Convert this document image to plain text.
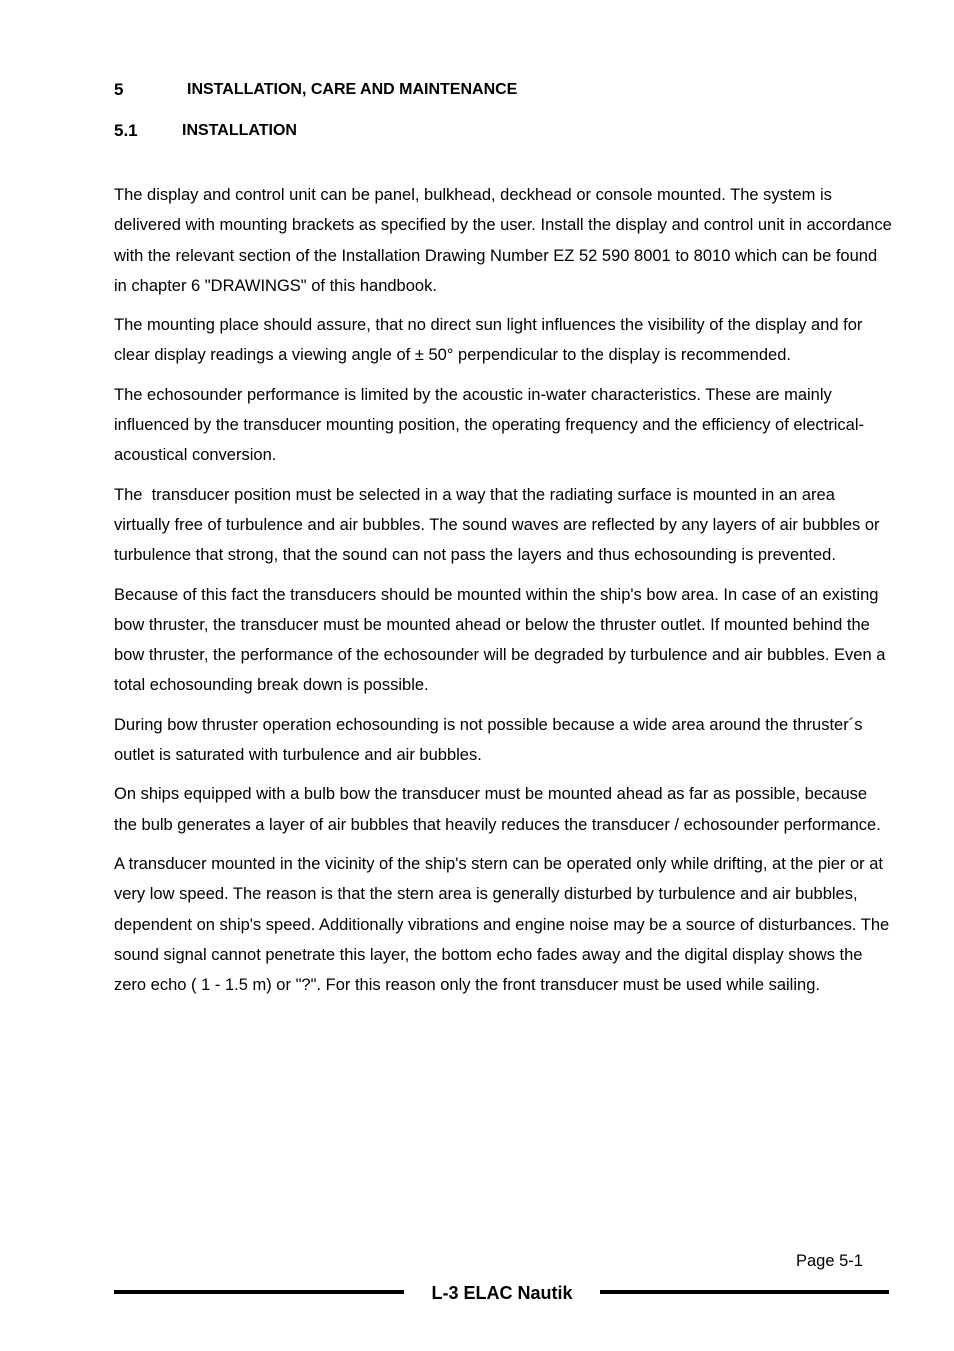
5	INSTALLATION, CARE AND MAINTENANCE
5.1	INSTALLATION

The display and control unit can be panel, bulkhead, deckhead or console mounted. The system is delivered with mounting brackets as specified by the user. Install the display and control unit in accordance with the relevant section of the Installation Drawing Number EZ 52 590 8001 to 8010 which can be found in chapter 6 "DRAWINGS" of this handbook.

The mounting place should assure, that no direct sun light influences the visibility of the display and for clear display readings a viewing angle of ± 50° perpendicular to the display is recommended.

The echosounder performance is limited by the acoustic in-water characteristics. These are mainly influenced by the transducer mounting position, the operating frequency and the efficiency of electrical-acoustical conversion.

The  transducer position must be selected in a way that the radiating surface is mounted in an area virtually free of turbulence and air bubbles. The sound waves are reflected by any layers of air bubbles or turbulence that strong, that the sound can not pass the layers and thus echosounding is prevented.

Because of this fact the transducers should be mounted within the ship's bow area. In case of an existing bow thruster, the transducer must be mounted ahead or below the thruster outlet. If mounted behind the bow thruster, the performance of the echosounder will be degraded by turbulence and air bubbles. Even a total echosounding break down is possible.

During bow thruster operation echosounding is not possible because a wide area around the thruster´s outlet is saturated with turbulence and air bubbles.

On ships equipped with a bulb bow the transducer must be mounted ahead as far as possible, because the bulb generates a layer of air bubbles that heavily reduces the transducer / echosounder performance.

A transducer mounted in the vicinity of the ship's stern can be operated only while drifting, at the pier or at very low speed. The reason is that the stern area is generally disturbed by turbulence and air bubbles, dependent on ship's speed. Additionally vibrations and engine noise may be a source of disturbances. The sound signal cannot penetrate this layer, the bottom echo fades away and the digital display shows the zero echo ( 1 - 1.5 m) or "?". For this reason only the front transducer must be used while sailing.

Page 5-1
L-3 ELAC Nautik
